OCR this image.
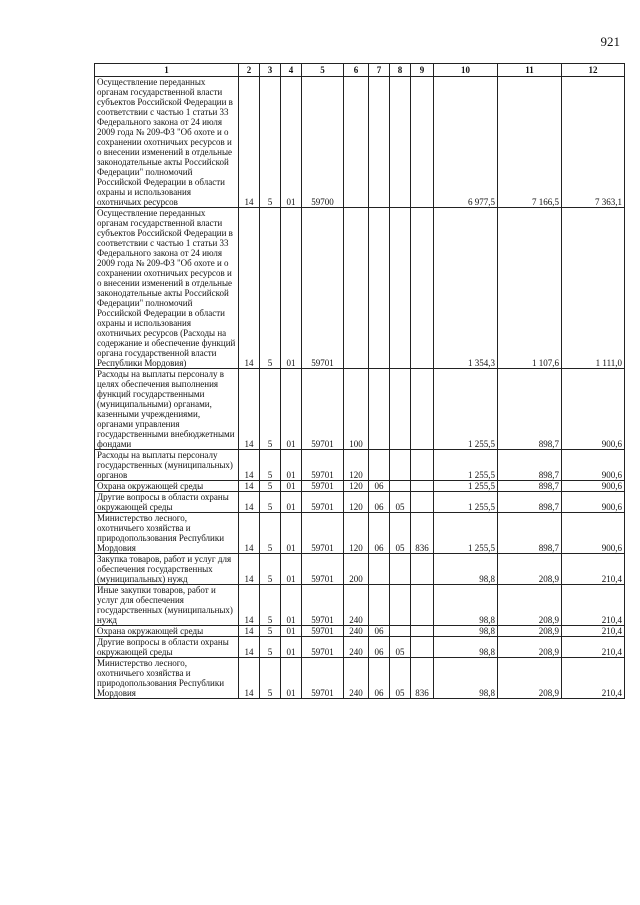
921
1	2	3	4	5	6	7	8	9	10	11	12
Осуществление переданных органам государственной власти субъектов Российской Федерации в соответствии с частью 1 статьи 33 Федерального закона от 24 июля 2009 года № 209-ФЗ "Об охоте и о сохранении охотничьих ресурсов и о внесении изменений в отдельные законодательные акты Российской Федерации" полномочий Российской Федерации в области охраны и использования охотничьих ресурсов	14	5	01	59700					6 977,5	7 166,5	7 363,1
Осуществление переданных органам государственной власти субъектов Российской Федерации в соответствии с частью 1 статьи 33 Федерального закона от 24 июля 2009 года № 209-ФЗ "Об охоте и о сохранении охотничьих ресурсов и о внесении изменений в отдельные законодательные акты Российской Федерации" полномочий Российской Федерации в области охраны и использования охотничьих ресурсов (Расходы на содержание и обеспечение функций органа государственной власти Республики Мордовия)	14	5	01	59701					1 354,3	1 107,6	1 111,0
Расходы на выплаты персоналу в целях обеспечения выполнения функций государственными (муниципальными) органами, казенными учреждениями, органами управления государственными внебюджетными фондами	14	5	01	59701	100				1 255,5	898,7	900,6
Расходы на выплаты персоналу государственных (муниципальных) органов	14	5	01	59701	120				1 255,5	898,7	900,6
Охрана окружающей среды	14	5	01	59701	120	06			1 255,5	898,7	900,6
Другие вопросы в области охраны окружающей среды	14	5	01	59701	120	06	05		1 255,5	898,7	900,6
Министерство лесного, охотничьего хозяйства и природопользования Республики Мордовия	14	5	01	59701	120	06	05	836	1 255,5	898,7	900,6
Закупка товаров, работ и услуг для обеспечения государственных (муниципальных) нужд	14	5	01	59701	200				98,8	208,9	210,4
Иные закупки товаров, работ и услуг для обеспечения государственных (муниципальных) нужд	14	5	01	59701	240				98,8	208,9	210,4
Охрана окружающей среды	14	5	01	59701	240	06			98,8	208,9	210,4
Другие вопросы в области охраны окружающей среды	14	5	01	59701	240	06	05		98,8	208,9	210,4
Министерство лесного, охотничьего хозяйства и природопользования Республики Мордовия	14	5	01	59701	240	06	05	836	98,8	208,9	210,4
